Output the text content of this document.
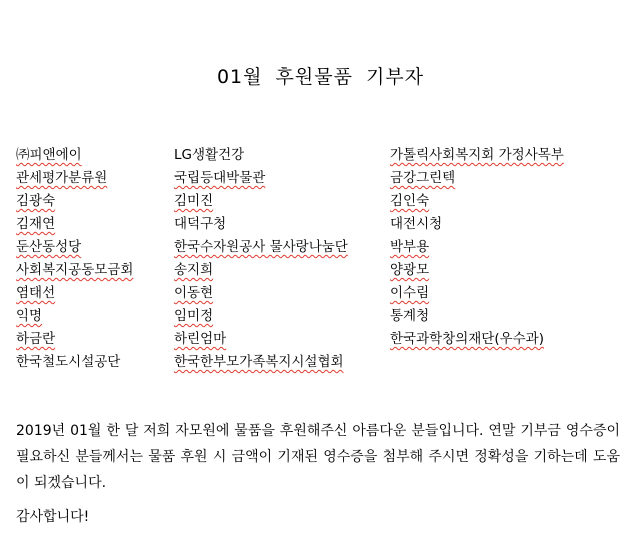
01월 후원물품 기부자
㈜피앤에이	LG생활건강	가톨릭사회복지회 가정사목부
관세평가분류원	국립등대박물관	금강그린텍
김광숙	김미진	김인숙
김재연	대덕구청	대전시청
둔산동성당	한국수자원공사 물사랑나눔단	박부용
사회복지공동모금회	송지희	양광모
염태선	이동현	이수림
익명	임미정	통계청
하금란	하린엄마	한국과학창의재단(우수과)
한국철도시설공단	한국한부모가족복지시설협회
2019년 01월 한 달 저희 자모원에 물품을 후원해주신 아름다운 분들입니다. 연말 기부금 영수증이 필요하신 분들께서는 물품 후원 시 금액이 기재된 영수증을 첨부해 주시면 정확성을 기하는데 도움이 되겠습니다.
감사합니다!
